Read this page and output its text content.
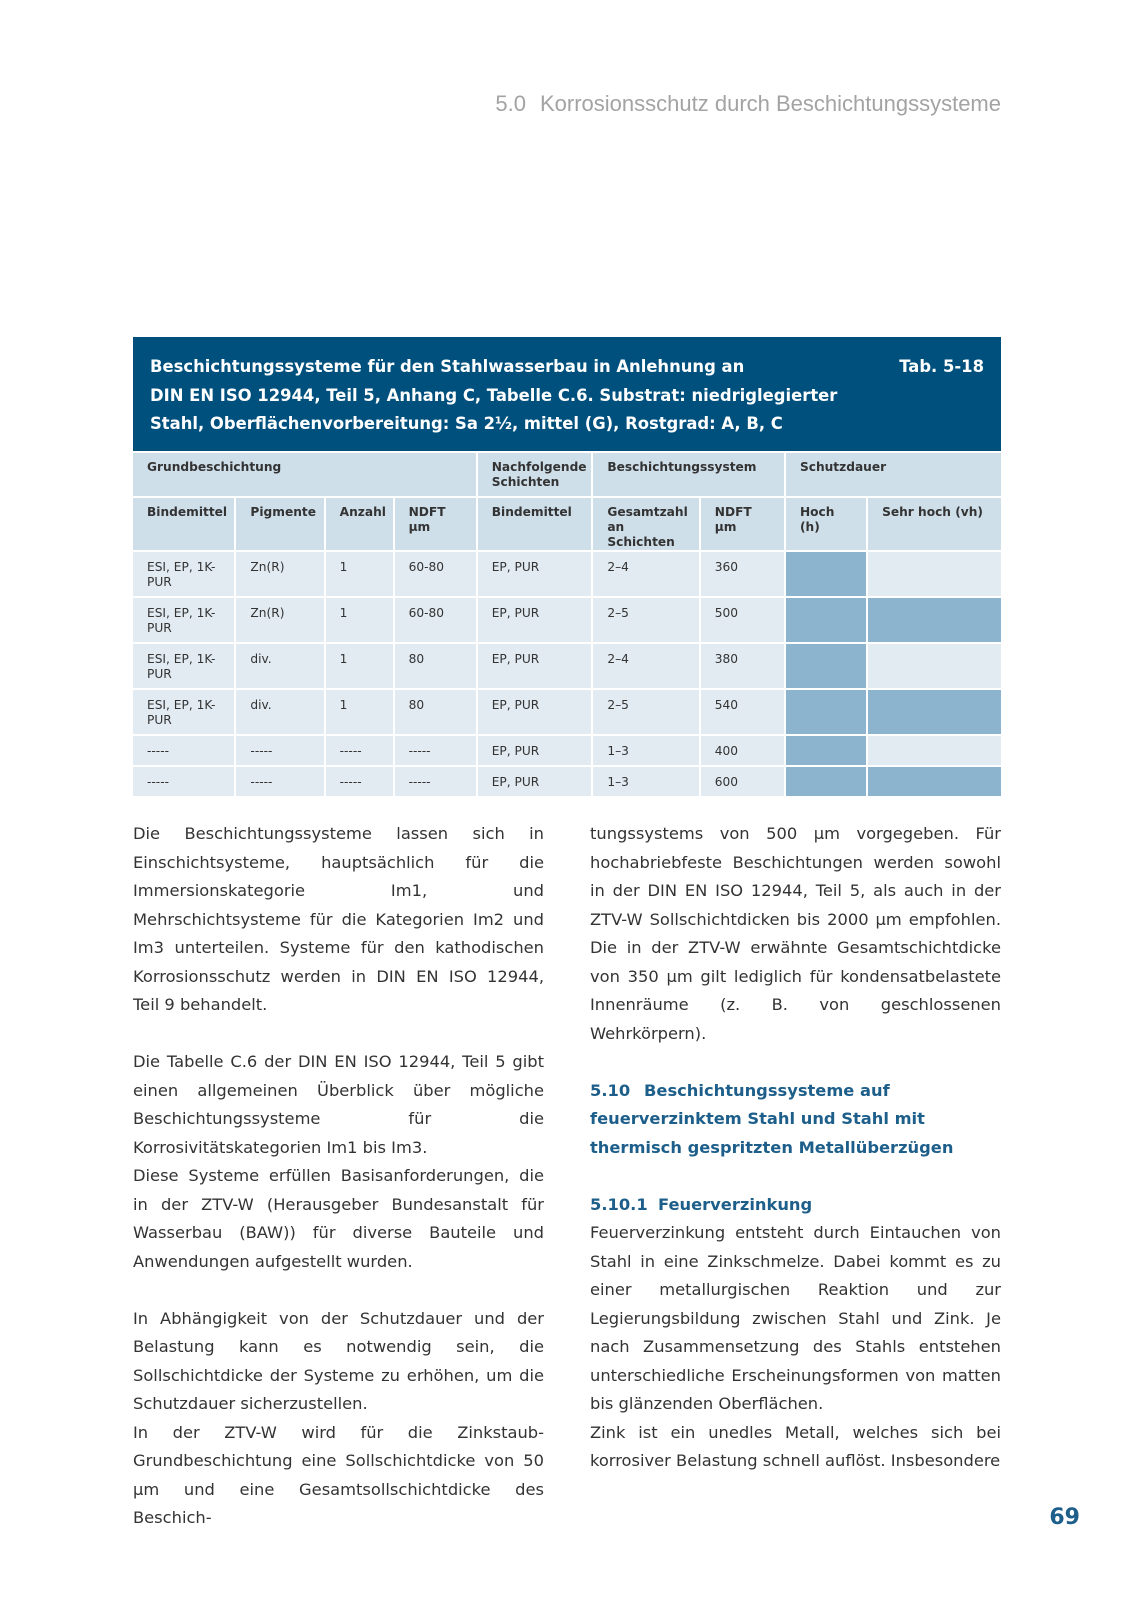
5.0 Korrosionsschutz durch Beschichtungssysteme
Beschichtungssysteme für den Stahlwasserbau in Anlehnung an
DIN EN ISO 12944, Teil 5, Anhang C, Tabelle C.6. Substrat: niedriglegierter
Stahl, Oberflächenvorbereitung: Sa 2½, mittel (G), Rostgrad: A, B, C
Tab. 5-18
Grundbeschichtung				Nachfolgende Schichten	Beschichtungssystem		Schutzdauer	
Bindemittel	Pigmente	Anzahl	NDFT µm	Bindemittel	Gesamtzahl an Schichten	NDFT µm	Hoch (h)	Sehr hoch (vh)
ESI, EP, 1K-PUR	Zn(R)	1	60-80	EP, PUR	2–4	360		
ESI, EP, 1K-PUR	Zn(R)	1	60-80	EP, PUR	2–5	500		
ESI, EP, 1K-PUR	div.	1	80	EP, PUR	2–4	380		
ESI, EP, 1K-PUR	div.	1	80	EP, PUR	2–5	540		
-----	-----	-----	-----	EP, PUR	1–3	400		
-----	-----	-----	-----	EP, PUR	1–3	600		

Die Beschichtungssysteme lassen sich in Einschichtsysteme, hauptsächlich für die Immersionskategorie Im1, und Mehrschichtsysteme für die Kategorien Im2 und Im3 unterteilen. Systeme für den kathodischen Korrosionsschutz werden in DIN EN ISO 12944, Teil 9 behandelt.

Die Tabelle C.6 der DIN EN ISO 12944, Teil 5 gibt einen allgemeinen Überblick über mögliche Beschichtungssysteme für die Korrosivitätskategorien Im1 bis Im3.

Diese Systeme erfüllen Basisanforderungen, die in der ZTV-W (Herausgeber Bundesanstalt für Wasserbau (BAW)) für diverse Bauteile und Anwendungen aufgestellt wurden.

In Abhängigkeit von der Schutzdauer und der Belastung kann es notwendig sein, die Sollschichtdicke der Systeme zu erhöhen, um die Schutzdauer sicherzustellen.

In der ZTV-W wird für die Zinkstaub-Grundbeschichtung eine Sollschichtdicke von 50 µm und eine Gesamtsollschichtdicke des Beschich-

tungssystems von 500 µm vorgegeben. Für hochabriebfeste Beschichtungen werden sowohl in der DIN EN ISO 12944, Teil 5, als auch in der ZTV-W Sollschichtdicken bis 2000 µm empfohlen. Die in der ZTV-W erwähnte Gesamtschichtdicke von 350 µm gilt lediglich für kondensatbelastete Innenräume (z. B. von geschlossenen Wehrkörpern).

5.10 Beschichtungssysteme auf feuerverzinktem Stahl und Stahl mit thermisch gespritzten Metallüberzügen
5.10.1 Feuerverzinkung

Feuerverzinkung entsteht durch Eintauchen von Stahl in eine Zinkschmelze. Dabei kommt es zu einer metallurgischen Reaktion und zur Legierungsbildung zwischen Stahl und Zink. Je nach Zusammensetzung des Stahls entstehen unterschiedliche Erscheinungsformen von matten bis glänzenden Oberflächen.

Zink ist ein unedles Metall, welches sich bei korrosiver Belastung schnell auflöst. Insbesondere

69
